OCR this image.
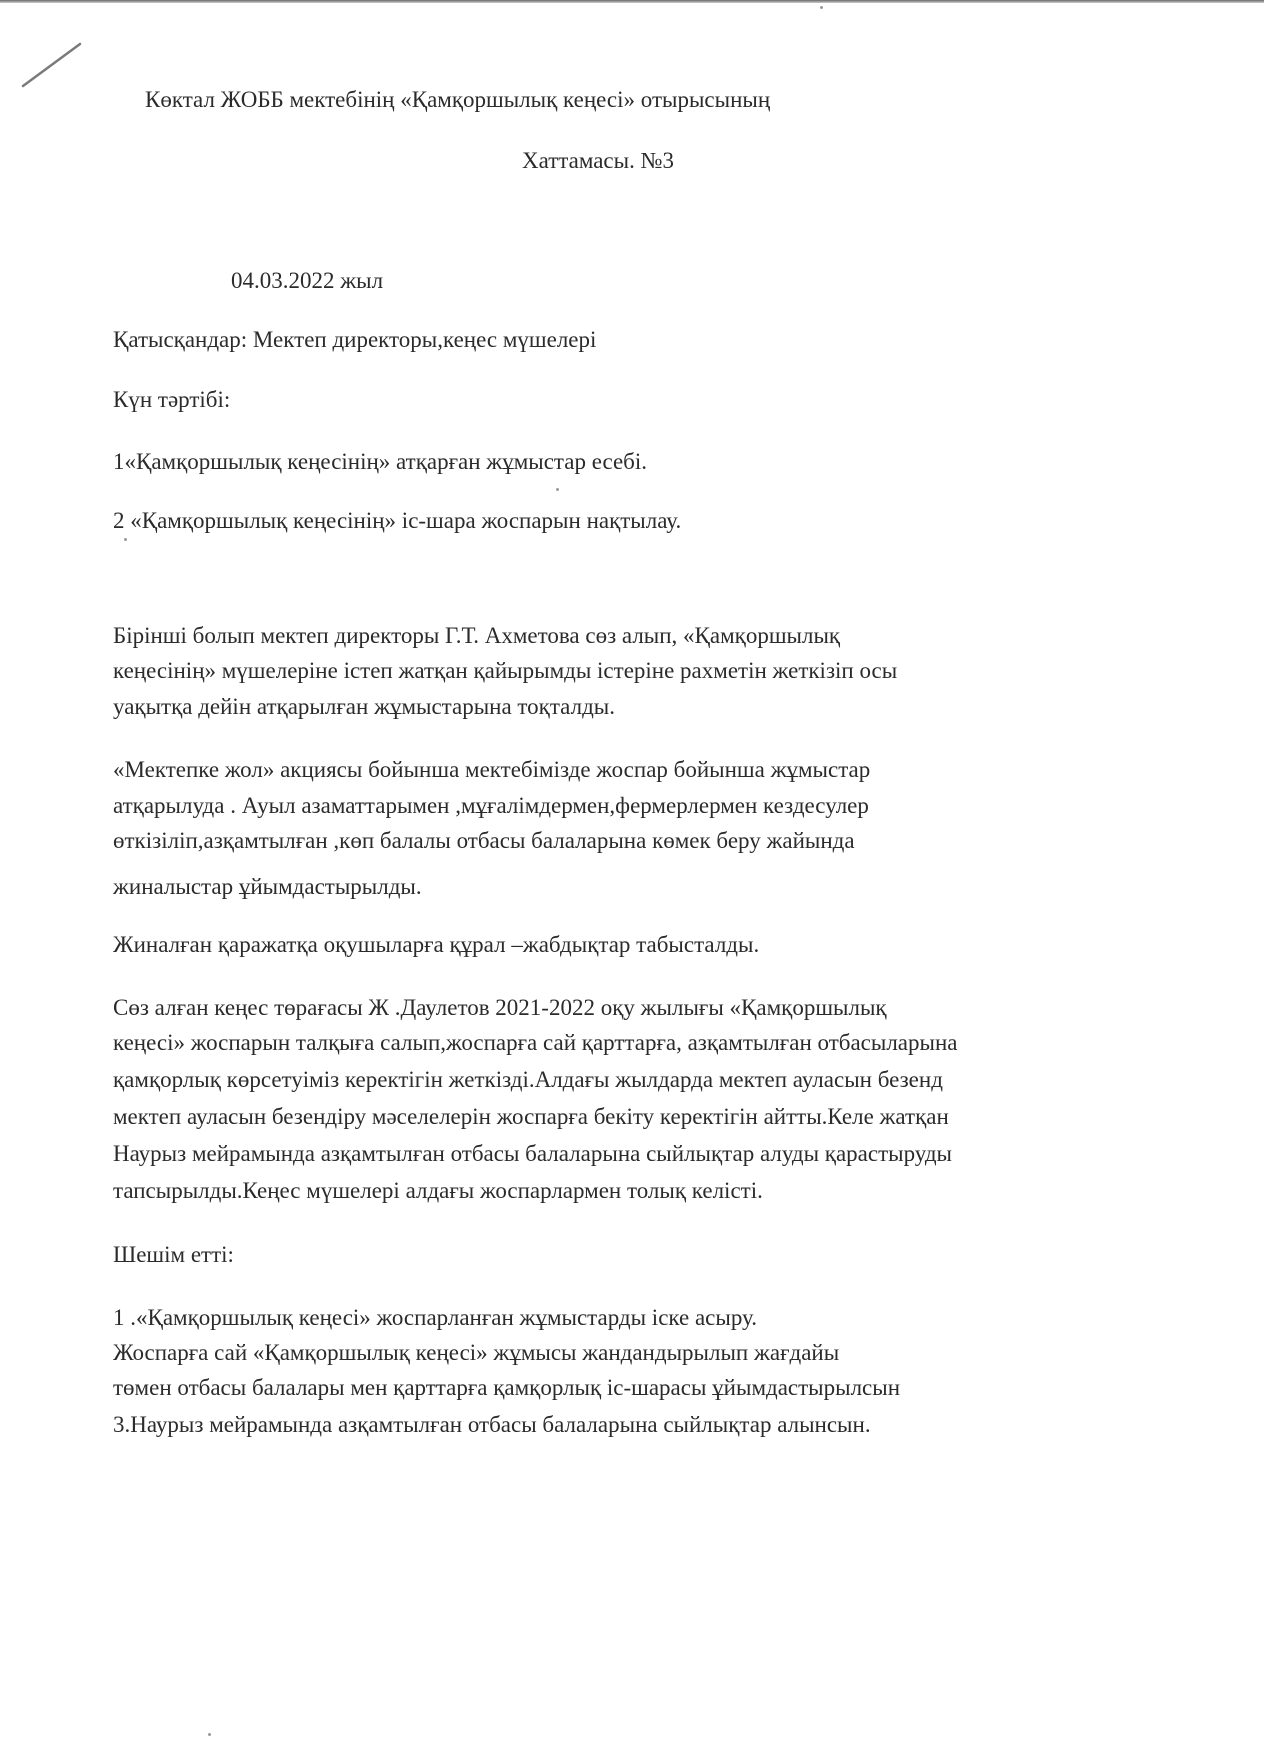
Көктал ЖОББ мектебінің «Қамқоршылық кеңесі» отырысының
Хаттамасы. №3
04.03.2022 жыл
Қатысқандар: Мектеп директоры,кеңес мүшелері
Күн тәртібі:
1«Қамқоршылық кеңесінің» атқарған жұмыстар есебі.
2 «Қамқоршылық кеңесінің» іс-шара жоспарын нақтылау.
Бірінші болып мектеп директоры Г.Т. Ахметова сөз алып, «Қамқоршылық
кеңесінің» мүшелеріне істеп жатқан қайырымды істеріне рахметін жеткізіп осы
уақытқа дейін атқарылған жұмыстарына тоқталды.
«Мектепке жол» акциясы бойынша мектебімізде жоспар бойынша жұмыстар
атқарылуда . Ауыл азаматтарымен ,мұғалімдермен,фермерлермен кездесулер
өткізіліп,азқамтылған ,көп балалы отбасы балаларына көмек беру жайында
жиналыстар ұйымдастырылды.
Жиналған қаражатқа оқушыларға құрал –жабдықтар табысталды.
Сөз алған кеңес төрағасы Ж .Даулетов 2021-2022 оқу жылығы «Қамқоршылық
кеңесі» жоспарын талқыға салып,жоспарға сай қарттарға, азқамтылған отбасыларына
қамқорлық көрсетуіміз керектігін жеткізді.Алдағы жылдарда мектеп ауласын безенд
мектеп ауласын безендіру мәселелерін жоспарға бекіту керектігін айтты.Келе жатқан
Наурыз мейрамында азқамтылған отбасы балаларына сыйлықтар алуды қарастыруды
тапсырылды.Кеңес мүшелері алдағы жоспарлармен толық келісті.
Шешім етті:
1 .«Қамқоршылық кеңесі» жоспарланған жұмыстарды іске асыру.
Жоспарға сай «Қамқоршылық кеңесі» жұмысы жандандырылып жағдайы
төмен отбасы балалары мен қарттарға қамқорлық іс-шарасы ұйымдастырылсын
3.Наурыз мейрамында азқамтылған отбасы балаларына сыйлықтар алынсын.
